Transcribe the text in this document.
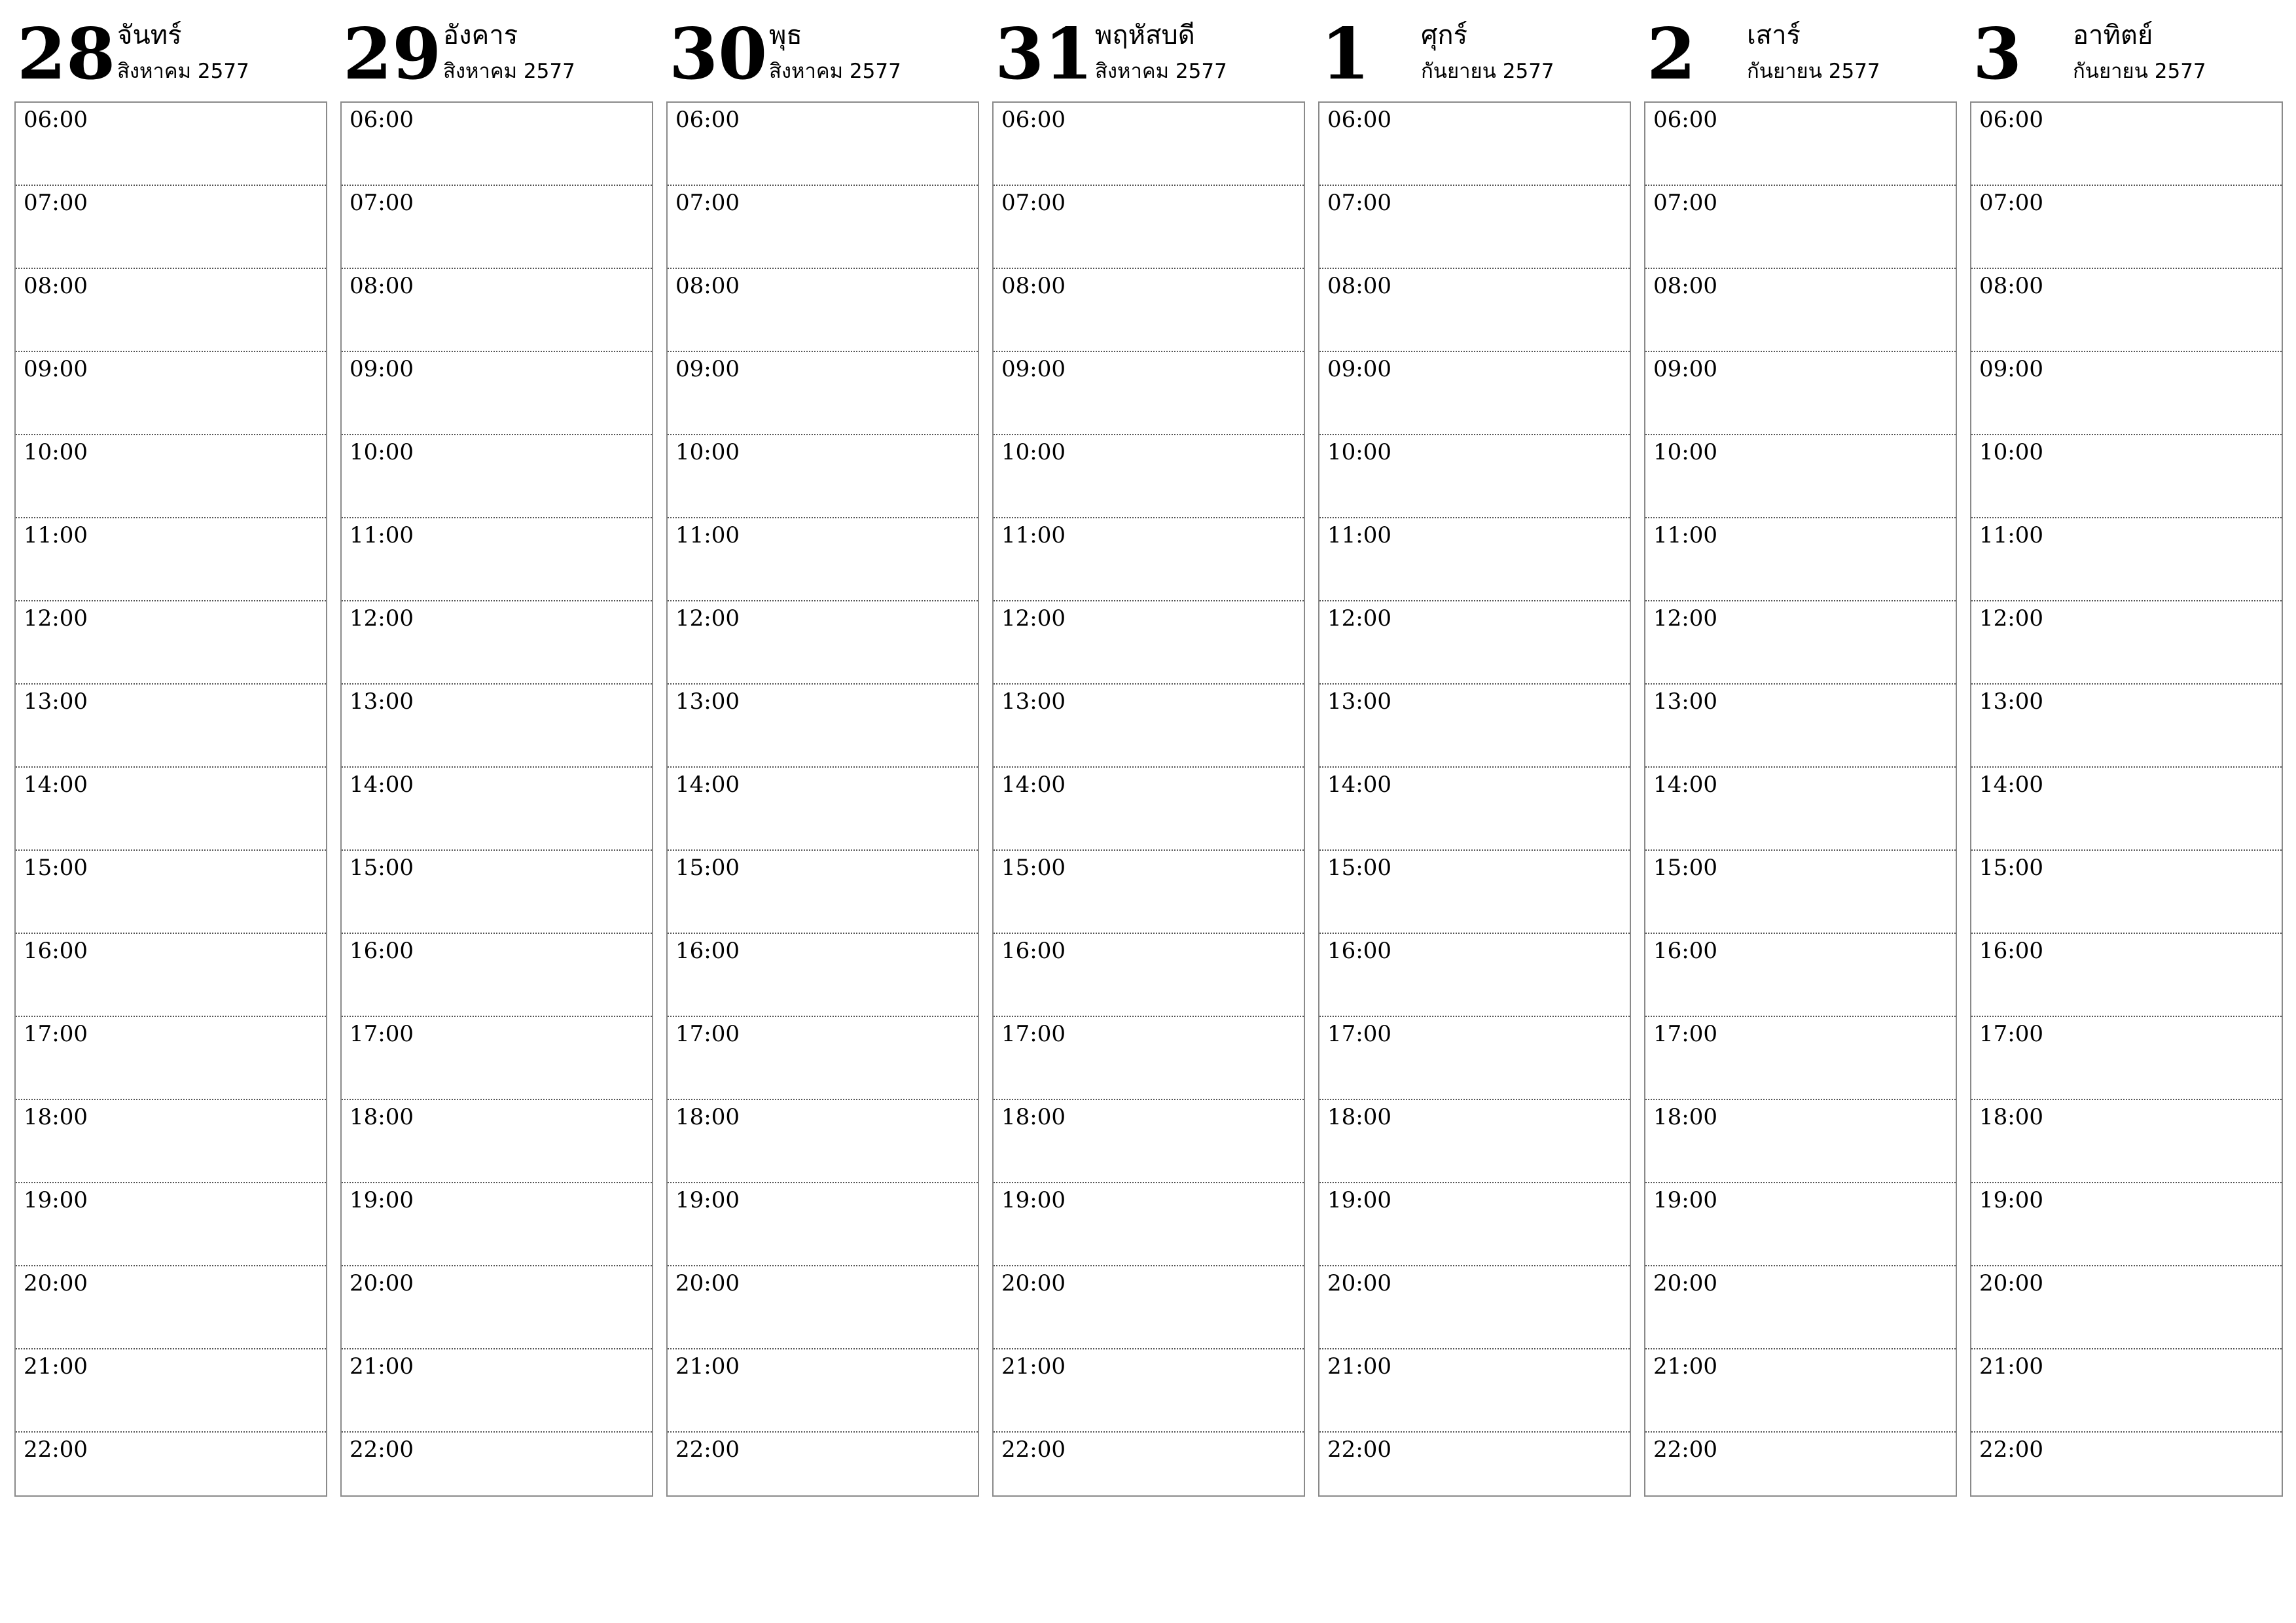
28 จันทร์
สิงหาคม 2577
06:00
07:00
08:00
09:00
10:00
11:00
12:00
13:00
14:00
15:00
16:00
17:00
18:00
19:00
20:00
21:00
22:00
29 อังคาร
สิงหาคม 2577
06:00
07:00
08:00
09:00
10:00
11:00
12:00
13:00
14:00
15:00
16:00
17:00
18:00
19:00
20:00
21:00
22:00
30 พุธ
สิงหาคม 2577
06:00
07:00
08:00
09:00
10:00
11:00
12:00
13:00
14:00
15:00
16:00
17:00
18:00
19:00
20:00
21:00
22:00
31 พฤหัสบดี
สิงหาคม 2577
06:00
07:00
08:00
09:00
10:00
11:00
12:00
13:00
14:00
15:00
16:00
17:00
18:00
19:00
20:00
21:00
22:00
1 ศุกร์
กันยายน 2577
06:00
07:00
08:00
09:00
10:00
11:00
12:00
13:00
14:00
15:00
16:00
17:00
18:00
19:00
20:00
21:00
22:00
2 เสาร์
กันยายน 2577
06:00
07:00
08:00
09:00
10:00
11:00
12:00
13:00
14:00
15:00
16:00
17:00
18:00
19:00
20:00
21:00
22:00
3 อาทิตย์
กันยายน 2577
06:00
07:00
08:00
09:00
10:00
11:00
12:00
13:00
14:00
15:00
16:00
17:00
18:00
19:00
20:00
21:00
22:00
